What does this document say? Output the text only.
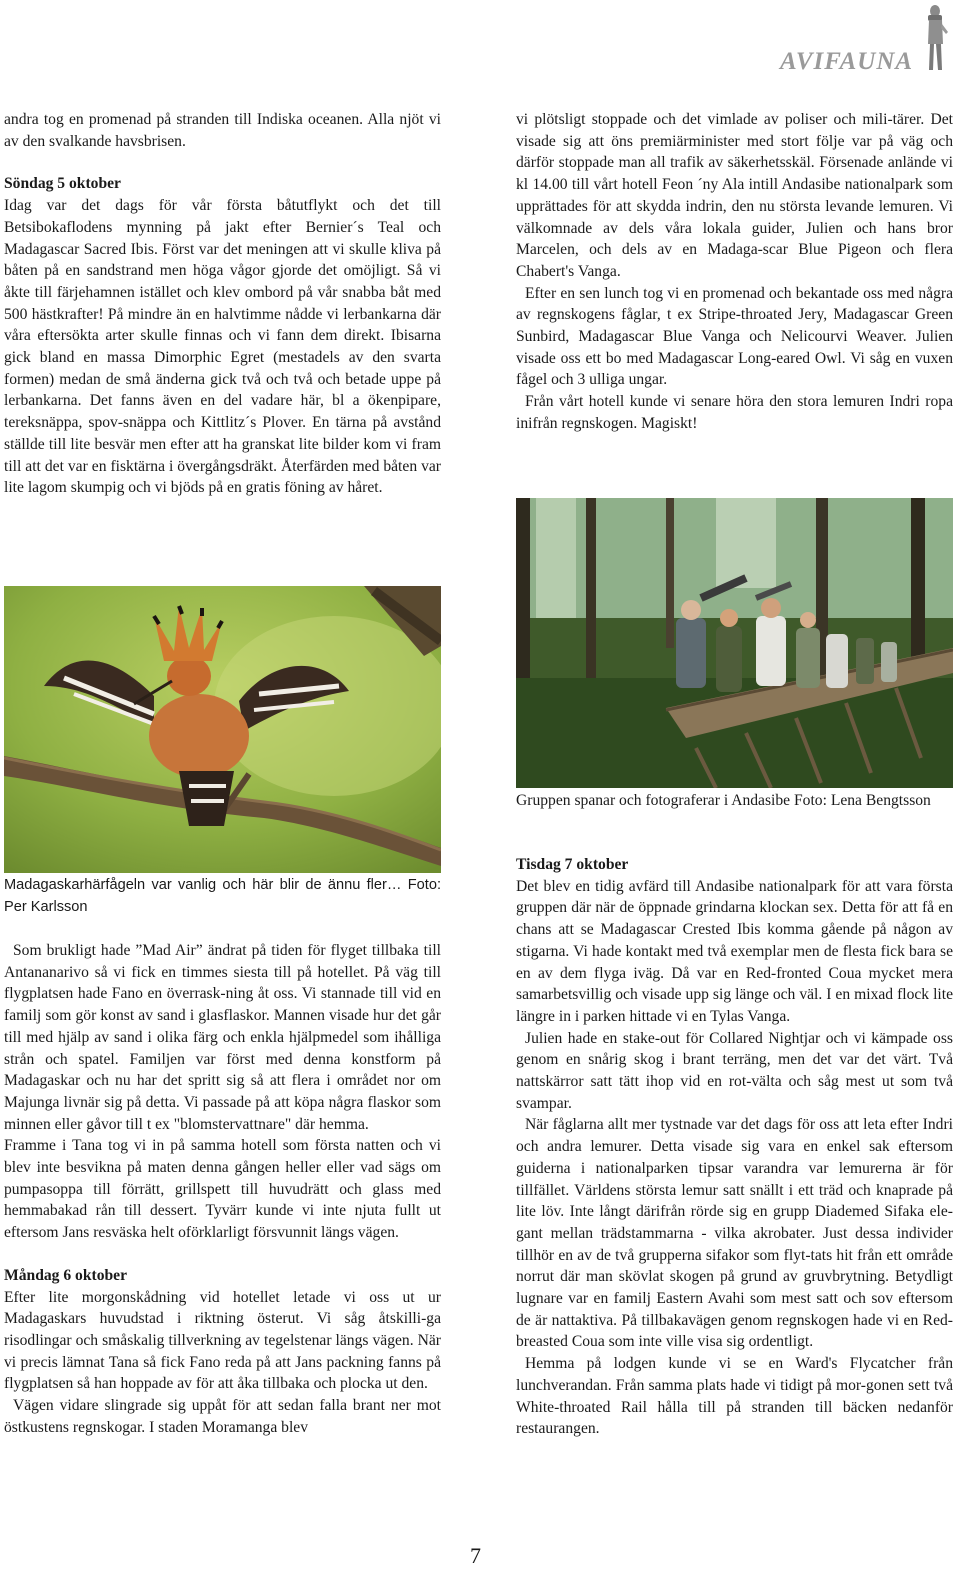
AVIFAUNA

andra tog en promenad på stranden till Indiska oceanen. Alla njöt vi av den svalkande havsbrisen.

Söndag 5 oktober

Idag var det dags för vår första båtutflykt och det till Betsibokaflodens mynning på jakt efter Bernier´s Teal och Madagascar Sacred Ibis. Först var det meningen att vi skulle kliva på båten på en sandstrand men höga vågor gjorde det omöjligt. Så vi åkte till färjehamnen istället och klev ombord på vår snabba båt med 500 hästkrafter! På mindre än en halvtimme nådde vi lerbankarna där våra eftersökta arter skulle finnas och vi fann dem direkt. Ibisarna gick bland en massa Dimorphic Egret (mestadels av den svarta formen) medan de små änderna gick två och två och betade uppe på lerbankarna. Det fanns även en del vadare här, bl a ökenpipare, tereksnäppa, spov-snäppa och Kittlitz´s Plover. En tärna på avstånd ställde till lite besvär men efter att ha granskat lite bilder kom vi fram till att det var en fisktärna i övergångsdräkt. Återfärden med båten var lite lagom skumpig och vi bjöds på en gratis föning av håret.

Madagaskarhärfågeln var vanlig och här blir de ännu fler… Foto: Per Karlsson

Som brukligt hade ”Mad Air” ändrat på tiden för flyget tillbaka till Antananarivo så vi fick en timmes siesta till på hotellet. På väg till flygplatsen hade Fano en överrask-ning åt oss. Vi stannade till vid en familj som gör konst av sand i glasflaskor. Mannen visade hur det går till med hjälp av sand i olika färg och enkla hjälpmedel som ihålliga strån och spatel. Familjen var först med denna konstform på Madagaskar och nu har det spritt sig så att flera i området nor om Majunga livnär sig på detta. Vi passade på att köpa några flaskor som minnen eller gåvor till t ex "blomstervattnare" där hemma.

Framme i Tana tog vi in på samma hotell som första natten och vi blev inte besvikna på maten denna gången heller eller vad sägs om pumpasoppa till förrätt, grillspett till huvudrätt och glass med hemmabakad rån till dessert. Tyvärr kunde vi inte njuta fullt ut eftersom Jans resväska helt oförklarligt försvunnit längs vägen.

Måndag 6 oktober

Efter lite morgonskådning vid hotellet letade vi oss ut ur Madagaskars huvudstad i riktning österut. Vi såg åtskilli-ga risodlingar och småskalig tillverkning av tegelstenar längs vägen. När vi precis lämnat Tana så fick Fano reda på att Jans packning fanns på flygplatsen så han hoppade av för att åka tillbaka och plocka ut den.

Vägen vidare slingrade sig uppåt för att sedan falla brant ner mot östkustens regnskogar. I staden Moramanga blev

vi plötsligt stoppade och det vimlade av poliser och mili-tärer. Det visade sig att öns premiärminister med stort följe var på väg och därför stoppade man all trafik av säkerhetsskäl. Försenade anlände vi kl 14.00 till vårt hotell Feon ´ny Ala intill Andasibe nationalpark som upprättades för att skydda indrin, den nu största levande lemuren. Vi välkomnade av dels våra lokala guider, Julien och hans bror Marcelen, och dels av en Madaga-scar Blue Pigeon och flera Chabert's Vanga.

Efter en sen lunch tog vi en promenad och bekantade oss med några av regnskogens fåglar, t ex Stripe-throated Jery, Madagascar Green Sunbird, Madagascar Blue Vanga och Nelicourvi Weaver. Julien visade oss ett bo med Madagascar Long-eared Owl. Vi såg en vuxen fågel och 3 ulliga ungar.

Från vårt hotell kunde vi senare höra den stora lemuren Indri ropa inifrån regnskogen. Magiskt!

Gruppen spanar och fotograferar i Andasibe Foto: Lena Bengtsson

Tisdag 7 oktober

Det blev en tidig avfärd till Andasibe nationalpark för att vara första gruppen där när de öppnade grindarna klockan sex. Detta för att få en chans att se Madagascar Crested Ibis komma gående på någon av stigarna. Vi hade kontakt med två exemplar men de flesta fick bara se en av dem flyga iväg. Då var en Red-fronted Coua mycket mera samarbetsvillig och visade upp sig länge och väl. I en mixad flock lite längre in i parken hittade vi en Tylas Vanga.

Julien hade en stake-out för Collared Nightjar och vi kämpade oss genom en snårig skog i brant terräng, men det var det värt. Två nattskärror satt tätt ihop vid en rot-välta och såg mest ut som två svampar.

När fåglarna allt mer tystnade var det dags för oss att leta efter Indri och andra lemurer. Detta visade sig vara en enkel sak eftersom guiderna i nationalparken tipsar varandra var lemurerna är för tillfället. Världens största lemur satt snällt i ett träd och knaprade på lite löv. Inte långt därifrån rörde sig en grupp Diademed Sifaka ele-gant mellan trädstammarna - vilka akrobater. Just dessa individer tillhör en av de två grupperna sifakor som flyt-tats hit från ett område norrut där man skövlat skogen på grund av gruvbrytning. Betydligt lugnare var en familj Eastern Avahi som mest satt och sov eftersom de är nattaktiva. På tillbakavägen genom regnskogen hade vi en Red-breasted Coua som inte ville visa sig ordentligt.

Hemma på lodgen kunde vi se en Ward's Flycatcher från lunchverandan. Från samma plats hade vi tidigt på mor-gonen sett två White-throated Rail hålla till på stranden till bäcken nedanför restaurangen.

7
